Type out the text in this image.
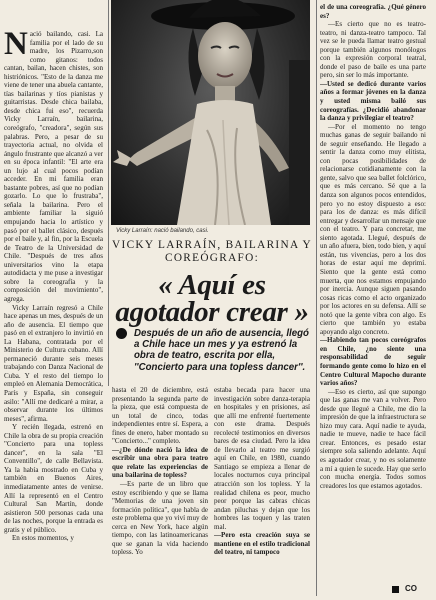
N ació bailando, casi. La familia por el lado de su madre, los Pizarro,son como gitanos: todos cantan, bailan, hacen chistes, son histriónicos. "Esto de la danza me viene de tener una abuela cantante, tías bailarinas y tíos pianistas y guitarristas. Desde chica bailaba, desde chica fui eso", recuerda Vicky Larraín, bailarina, coreógrafo, "creadora", según sus palabras. Pero, a pesar de su trayectoria actual, no olvida el ángulo frustrante que alcanzó a ver en su época infantil: "El arte era un lujo al cual pocos podían acceder. En mi familia eran bastante pobres, así que no podían gozarlo. Lo que lo frustraba", señala la bailarina. Pero el ambiente familiar la siguió empujando hacia lo artístico y pasó por el ballet clásico, después por el baile y, al fin, por la Escuela de Teatro de la Universidad de Chile. "Después de tres años universitarios vino la etapa autodidacta y me puse a investigar sobre la coreografía y la composición del movimiento", agrega.

Vicky Larraín regresó a Chile hace apenas un mes, después de un año de ausencia. El tiempo que pasó en el extranjero lo invirtió en La Habana, contratada por el Ministerio de Cultura cubano. Allí permaneció durante seis meses trabajando con Danza Nacional de Cuba. Y el resto del tiempo lo empleó en Alemania Democrática, París y España, sin conseguir asilo: "Allí me dedicaré a mirar, a observar durante los últimos meses", afirma.

Y recién llegada, estrenó en Chile la obra de su propia creación "Concierto para una topless dancer", en la sala "El Conventillo", de calle Bellavista. Ya la había mostrado en Cuba y también en Buenos Aires, inmediatamente antes de venirse. Allí la representó en el Centro Cultural San Martín, donde asistieron 500 personas cada una de las noches, porque la entrada es gratis y el público.

En estos momentos, y

Vicky Larraín: nació bailando, casi.
VICKY LARRAÍN, BAILARINA Y COREÓGRAFO:
« Aquí es agotador crear »
Después de un año de ausencia, llegó a Chile hace un mes y ya estrenó la obra de teatro, escrita por ella, ''Concierto para una topless dancer''.

hasta el 20 de diciembre, está presentando la segunda parte de la pieza, que está compuesta de un total de cinco, todas independientes entre sí. Espera, a fines de enero, haber montado su "Concierto..." completo.

—¿De dónde nació la idea de escribir una obra para teatro que relate las experiencias de una bailarina de topless?

—Es parte de un libro que estoy escribiendo y que se llama "Memorias de una joven sin formación política", que habla de este problema que yo viví muy de cerca en New York, hace algún tiempo, con las latinoamericanas que se ganan la vida haciendo topless. Yo

estaba becada para hacer una investigación sobre danza-terapia en hospitales y en prisiones, así que allí me enfrenté fuertemente con este drama. Después recolecté testimonios en diversos bares de esa ciudad. Pero la idea de llevarlo al teatro me surgió aquí en Chile, en 1980, cuando Santiago se empieza a llenar de locales nocturnos cuya principal atracción son los topless. Y la realidad chilena es peor, mucho peor porque las cabras chicas andan piluchas y dejan que los hombres las toquen y las traten mal.

—Pero esta creación suya se mantiene en el estilo tradicional del teatro, ni tampoco

el de una coreografía. ¿Qué género es?

—Es cierto que no es teatro-teatro, ni danza-teatro tampoco. Tal vez se le pueda llamar teatro gestual porque también algunos monólogos con la expresión corporal teatral, donde el paso de baile es una parte pero, sin ser lo más importante.

—Usted se dedicó durante varios años a formar jóvenes en la danza y usted misma bailó sus coreografías. ¿Decidió abandonar la danza y privilegiar el teatro?

—Por el momento no tengo muchas ganas de seguir bailando ni de seguir enseñando. He llegado a sentir la danza como muy elitista, con pocas posibilidades de relacionarse cotidianamente con la gente, salvo que sea ballet folclórico, que es más cercano. Sé que a la danza son algunos pocos entendidos, pero yo no estoy dispuesto a eso: para los de danza: es más difícil entregar y desarrollar un mensaje que con el teatro. Y para concretar, me siento agotada. Llegué, después de un año afuera, bien, todo bien, y aquí están, tus vivencias, pero a los dos horas de estar aquí me deprimí. Siento que la gente está como muerta, que nos estamos empujando por inercia. Aunque siguen pasando cosas ricas como el acto organizado por los actores en su defensa. Allí se notó que la gente vibra con algo. Es cierto que también yo estaba apoyando algo concreto.

—Habiendo tan pocos coreógrafos en Chile, ¿no siente una responsabilidad de seguir formando gente como lo hizo en el Centro Cultural Mapocho durante varios años?

—Eso es cierto, así que supongo que las ganas me van a volver. Pero desde que llegué a Chile, me dio la impresión de que la infraestructura se hizo muy cara. Aquí nadie te ayuda, nadie te mueve, nadie te hace fácil crear. Entonces, es pesado estar siempre sola saliendo adelante. Aquí es agotador crear, y no es solamente a mí a quien le sucede. Hay que serlo con mucha energía. Todos somos creadores los que estamos agotados.

CO
